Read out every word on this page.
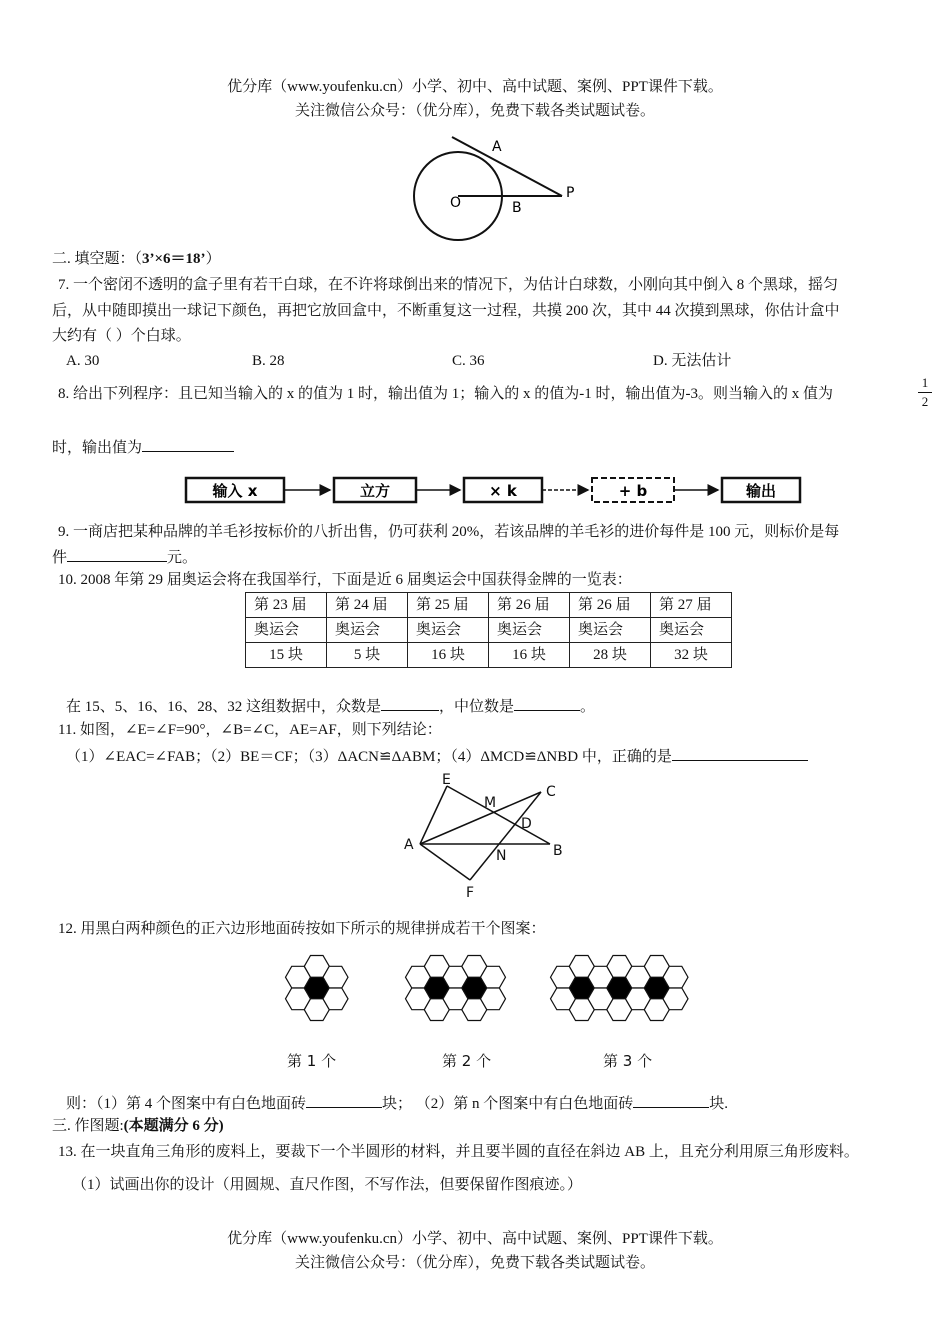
优分库（www.youfenku.cn）小学、初中、高中试题、案例、PPT课件下载。
关注微信公众号：（优分库），免费下载各类试题试卷。
A
O	B
P
二. 填空题：（3’×6＝18’）
7. 一个密闭不透明的盒子里有若干白球，在不许将球倒出来的情况下，为估计白球数，小刚向其中倒入 8 个黑球，摇匀
后，从中随即摸出一球记下颜色，再把它放回盒中，不断重复这一过程，共摸 200 次，其中 44 次摸到黑球，你估计盒中
大约有（ ）个白球。
A. 30	B. 28	C. 36	D. 无法估计
8. 给出下列程序：且已知当输入的 x 的值为 1 时，输出值为 1；输入的 x 的值为-1 时，输出值为-3。则当输入的 x 值为
1
2
时，输出值为
输入 x	立方	× k	+ b	输出
9. 一商店把某种品牌的羊毛衫按标价的八折出售，仍可获利 20%，若该品牌的羊毛衫的进价每件是 100 元，则标价是每
件	元。
10. 2008 年第 29 届奥运会将在我国举行，下面是近 6 届奥运会中国获得金牌的一览表：
第 23 届	第 24 届	第 25 届	第 26 届	第 26 届	第 27 届
奥运会	奥运会	奥运会	奥运会	奥运会	奥运会
15 块	5 块	16 块	16 块	28 块	32 块
在 15、5、16、16、28、32 这组数据中，众数是	，中位数是	。
11. 如图，∠E=∠F=90°，∠B=∠C，AE=AF，则下列结论：
（1）∠EAC=∠FAB；（2）BE＝CF；（3）ΔACN≌ΔABM；（4）ΔMCD≌ΔNBD 中，正确的是
E
M
C
D
A
N	B
F
12. 用黑白两种颜色的正六边形地面砖按如下所示的规律拼成若干个图案：
第 1 个	第 2 个	第 3 个
则：（1）第 4 个图案中有白色地面砖	块； （2）第 n 个图案中有白色地面砖	块.
三. 作图题:(本题满分 6 分)
13. 在一块直角三角形的废料上，要裁下一个半圆形的材料，并且要半圆的直径在斜边 AB 上，且充分利用原三角形废料。
（1）试画出你的设计（用圆规、直尺作图，不写作法，但要保留作图痕迹。）
优分库（www.youfenku.cn）小学、初中、高中试题、案例、PPT课件下载。
关注微信公众号：（优分库），免费下载各类试题试卷。
